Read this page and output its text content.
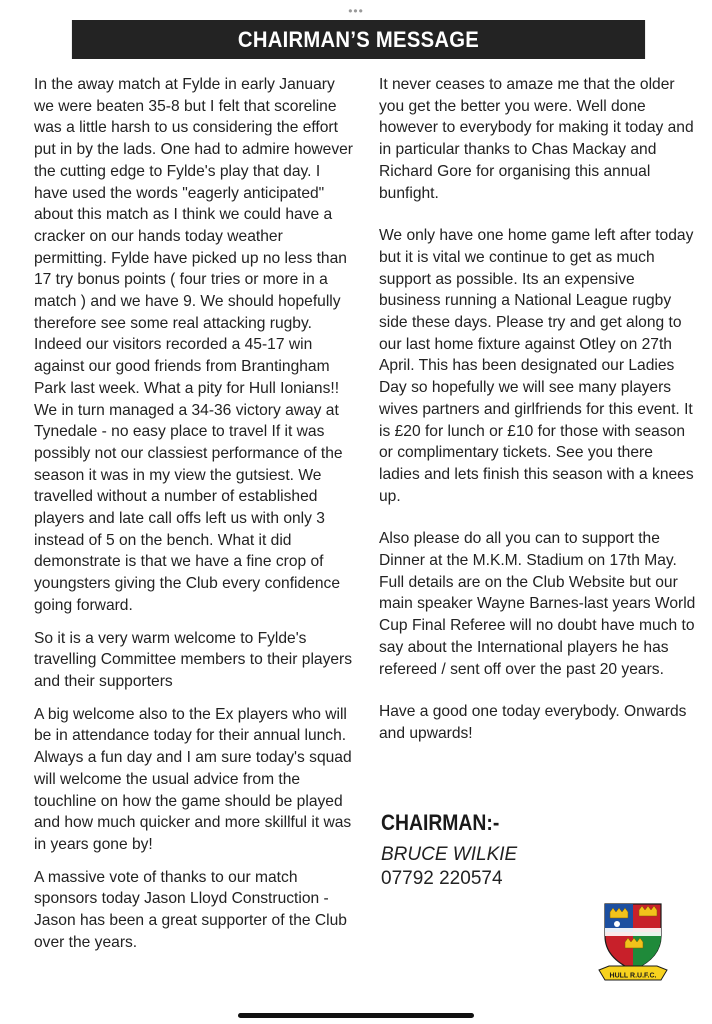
•••
CHAIRMAN’S MESSAGE

In the away match at Fylde in early January we were beaten 35-8 but I felt that scoreline was a little harsh to us considering the effort put in by the lads. One had to admire however the cutting edge to Fylde's play that day. I have used the words "eagerly anticipated" about this match as I think we could have a cracker on our hands today weather permitting. Fylde have picked up no less than 17 try bonus points ( four tries or more in a match ) and we have 9. We should hopefully therefore see some real attacking rugby. Indeed our visitors recorded a 45-17 win against our good friends from Brantingham Park last week. What a pity for Hull Ionians!! We in turn managed a 34-36 victory away at Tynedale - no easy place to travel If it was possibly not our classiest performance of the season it was in my view the gutsiest. We travelled without a number of established players and late call offs left us with only 3 instead of 5 on the bench. What it did demonstrate is that we have a fine crop of youngsters giving the Club every confidence going forward.

So it is a very warm welcome to Fylde's travelling Committee members to their players and their supporters

A big welcome also to the Ex players who will be in attendance today for their annual lunch. Always a fun day and I am sure today's squad will welcome the usual advice from the touchline on how the game should be played and how much quicker and more skillful it was in years gone by!

A massive vote of thanks to our match sponsors today Jason Lloyd Construction - Jason has been a great supporter of the Club over the years.

It never ceases to amaze me that the older you get the better you were. Well done however to everybody for making it today and in particular thanks to Chas Mackay and Richard Gore for organising this annual bunfight.

We only have one home game left after today but it is vital we continue to get as much support as possible. Its an expensive business running a National League rugby side these days. Please try and get along to our last home fixture against Otley on 27th April. This has been designated our Ladies Day so hopefully we will see many players wives partners and girlfriends for this event. It is £20 for lunch or £10 for those with season or complimentary tickets. See you there ladies and lets finish this season with a knees up.

Also please do all you can to support the Dinner at the M.K.M. Stadium on 17th May. Full details are on the Club Website but our main speaker Wayne Barnes-last years World Cup Final Referee will no doubt have much to say about the International players he has refereed / sent off over the past 20 years.

Have a good one today everybody. Onwards and upwards!

CHAIRMAN:-
BRUCE WILKIE
07792 220574
HULL R.U.F.C.
